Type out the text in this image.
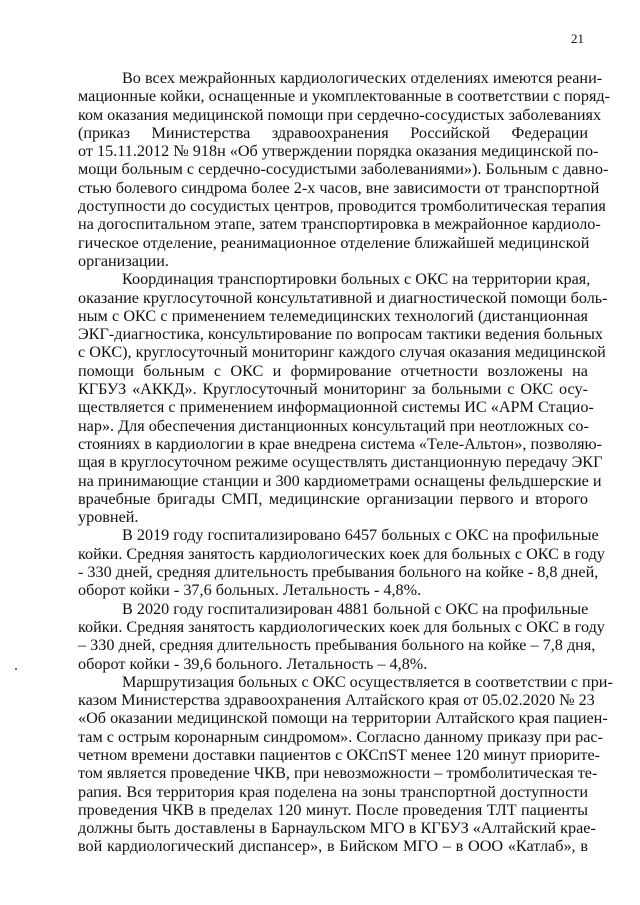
21

Во всех межрайонных кардиологических отделениях имеются реани-
мационные койки, оснащенные и укомплектованные в соответствии с поряд-
ком оказания медицинской помощи при сердечно-сосудистых заболеваниях
(приказ Министерства здравоохранения Российской Федерации
от 15.11.2012 № 918н «Об утверждении порядка оказания медицинской по-
мощи больным с сердечно-сосудистыми заболеваниями»). Больным с давно-
стью болевого синдрома более 2-х часов, вне зависимости от транспортной
доступности до сосудистых центров, проводится тромболитическая терапия
на догоспитальном этапе, затем транспортировка в межрайонное кардиоло-
гическое отделение, реанимационное отделение ближайшей медицинской
организации.

Координация транспортировки больных с ОКС на территории края,
оказание круглосуточной консультативной и диагностической помощи боль-
ным с ОКС с применением телемедицинских технологий (дистанционная
ЭКГ-диагностика, консультирование по вопросам тактики ведения больных
с ОКС), круглосуточный мониторинг каждого случая оказания медицинской
помощи больным с ОКС и формирование отчетности возложены на
КГБУЗ «АККД». Круглосуточный мониторинг за больными с ОКС осу-
ществляется с применением информационной системы ИС «АРМ Стацио-
нар». Для обеспечения дистанционных консультаций при неотложных со-
стояниях в кардиологии в крае внедрена система «Теле-Альтон», позволяю-
щая в круглосуточном режиме осуществлять дистанционную передачу ЭКГ
на принимающие станции и 300 кардиометрами оснащены фельдшерские и
врачебные бригады СМП, медицинские организации первого и второго
уровней.

В 2019 году госпитализировано 6457 больных с ОКС на профильные
койки. Средняя занятость кардиологических коек для больных с ОКС в году
- 330 дней, средняя длительность пребывания больного на койке - 8,8 дней,
оборот койки - 37,6 больных. Летальность - 4,8%.

В 2020 году госпитализирован 4881 больной с ОКС на профильные
койки. Средняя занятость кардиологических коек для больных с ОКС в году
– 330 дней, средняя длительность пребывания больного на койке – 7,8 дня,
оборот койки - 39,6 больного. Летальность – 4,8%.

Маршрутизация больных с ОКС осуществляется в соответствии с при-
казом Министерства здравоохранения Алтайского края от 05.02.2020 № 23
«Об оказании медицинской помощи на территории Алтайского края пациен-
там с острым коронарным синдромом». Согласно данному приказу при рас-
четном времени доставки пациентов с ОКСпST менее 120 минут приорите-
том является проведение ЧКВ, при невозможности – тромболитическая те-
рапия. Вся территория края поделена на зоны транспортной доступности
проведения ЧКВ в пределах 120 минут. После проведения ТЛТ пациенты
должны быть доставлены в Барнаульском МГО в КГБУЗ «Алтайский крае-
вой кардиологический диспансер», в Бийском МГО – в ООО «Катлаб», в
